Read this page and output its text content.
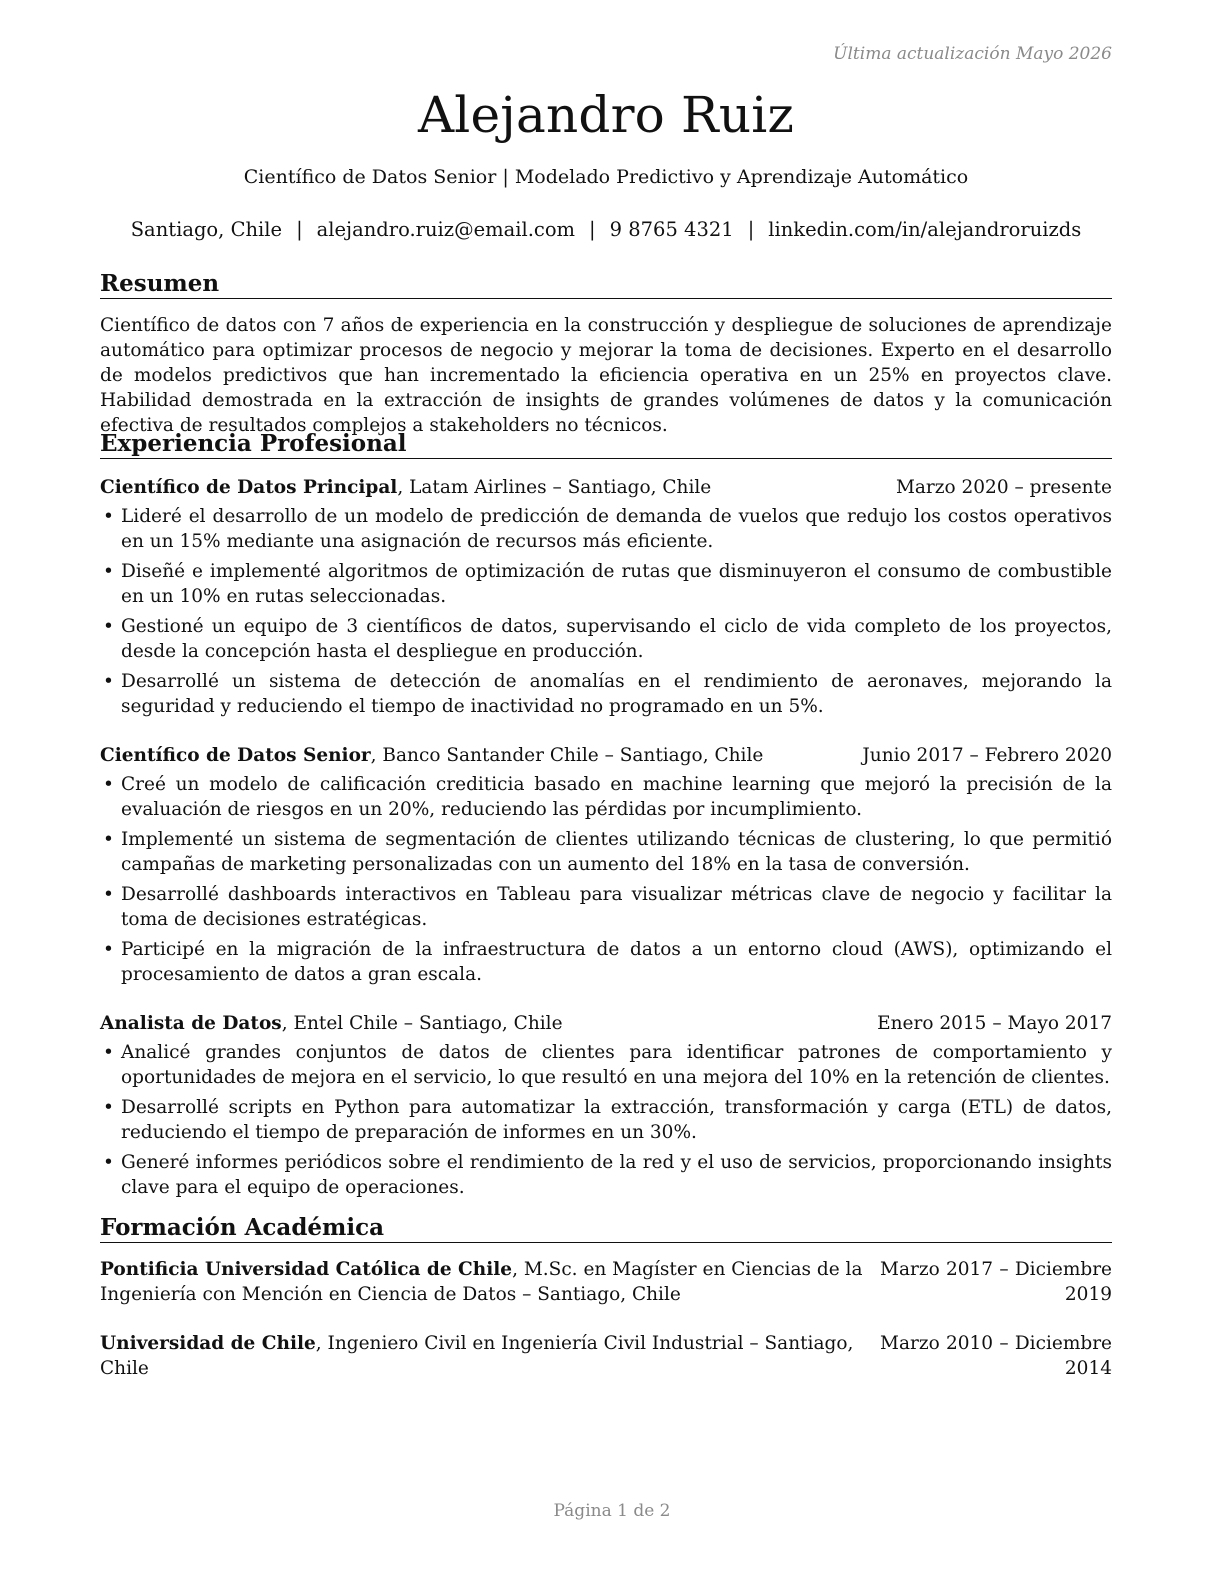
Última actualización Mayo 2026
Alejandro Ruiz
Científico de Datos Senior | Modelado Predictivo y Aprendizaje Automático
Santiago, Chile | alejandro.ruiz@email.com | 9 8765 4321 | linkedin.com/in/alejandroruizds
Resumen

Científico de datos con 7 años de experiencia en la construcción y despliegue de soluciones de aprendizaje automático para optimizar procesos de negocio y mejorar la toma de decisiones. Experto en el desarrollo de modelos predictivos que han incrementado la eficiencia operativa en un 25% en proyectos clave. Habilidad demostrada en la extracción de insights de grandes volúmenes de datos y la comunicación efectiva de resultados complejos a stakeholders no técnicos.

Experiencia Profesional
Científico de Datos Principal, Latam Airlines – Santiago, Chile	Marzo 2020 – presente
• Lideré el desarrollo de un modelo de predicción de demanda de vuelos que redujo los costos operativos en un 15% mediante una asignación de recursos más eficiente.
• Diseñé e implementé algoritmos de optimización de rutas que disminuyeron el consumo de combustible en un 10% en rutas seleccionadas.
• Gestioné un equipo de 3 científicos de datos, supervisando el ciclo de vida completo de los proyectos, desde la concepción hasta el despliegue en producción.
• Desarrollé un sistema de detección de anomalías en el rendimiento de aeronaves, mejorando la seguridad y reduciendo el tiempo de inactividad no programado en un 5%.
Científico de Datos Senior, Banco Santander Chile – Santiago, Chile	Junio 2017 – Febrero 2020
• Creé un modelo de calificación crediticia basado en machine learning que mejoró la precisión de la evaluación de riesgos en un 20%, reduciendo las pérdidas por incumplimiento.
• Implementé un sistema de segmentación de clientes utilizando técnicas de clustering, lo que permitió campañas de marketing personalizadas con un aumento del 18% en la tasa de conversión.
• Desarrollé dashboards interactivos en Tableau para visualizar métricas clave de negocio y facilitar la toma de decisiones estratégicas.
• Participé en la migración de la infraestructura de datos a un entorno cloud (AWS), optimizando el procesamiento de datos a gran escala.
Analista de Datos, Entel Chile – Santiago, Chile	Enero 2015 – Mayo 2017
• Analicé grandes conjuntos de datos de clientes para identificar patrones de comportamiento y oportunidades de mejora en el servicio, lo que resultó en una mejora del 10% en la retención de clientes.
• Desarrollé scripts en Python para automatizar la extracción, transformación y carga (ETL) de datos, reduciendo el tiempo de preparación de informes en un 30%.
• Generé informes periódicos sobre el rendimiento de la red y el uso de servicios, proporcionando insights clave para el equipo de operaciones.
Formación Académica
Pontificia Universidad Católica de Chile, M.Sc. en Magíster en Ciencias de la Ingeniería con Mención en Ciencia de Datos – Santiago, Chile
Marzo 2017 – Diciembre 2019
Universidad de Chile, Ingeniero Civil en Ingeniería Civil Industrial – Santiago, Chile
Marzo 2010 – Diciembre 2014
Página 1 de 2
